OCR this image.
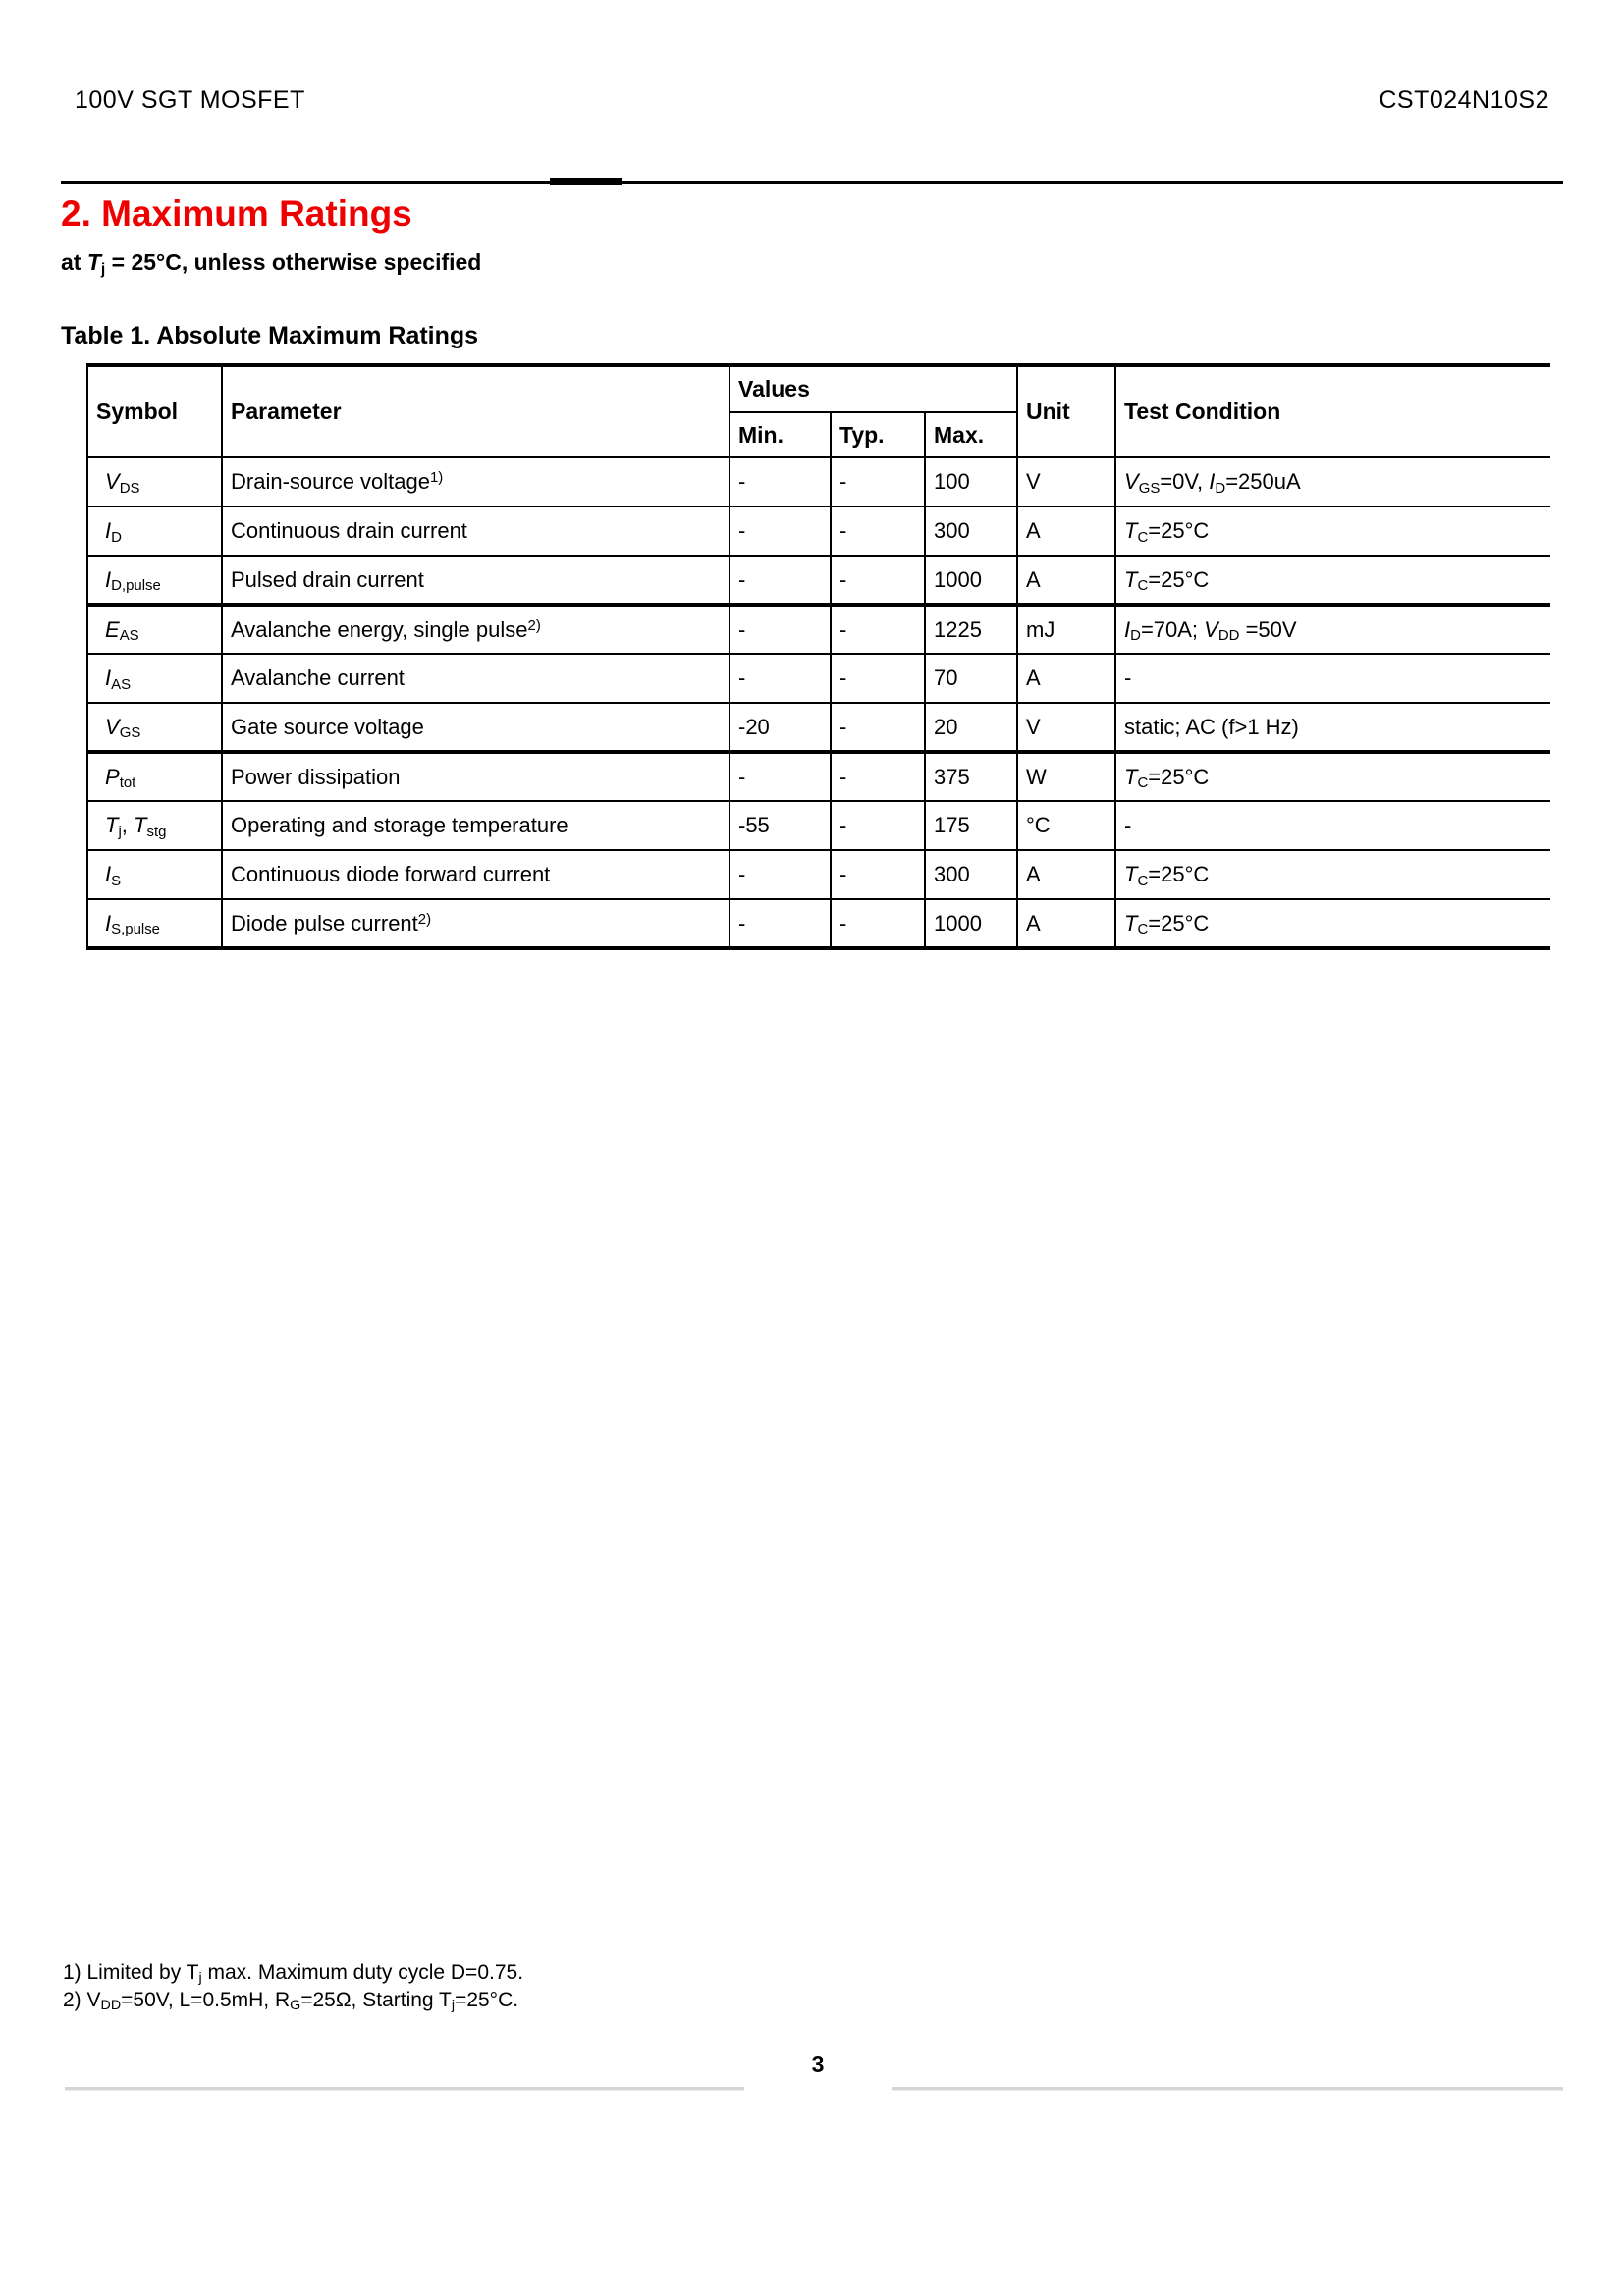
100V SGT MOSFET	CST024N10S2
2. Maximum Ratings
at Tj = 25°C, unless otherwise specified
Table 1. Absolute Maximum Ratings
Symbol	Parameter	Values			Unit	Test Condition
		Min.	Typ.	Max.		
VDS	Drain-source voltage$^{1)}$	-	-	100	V	VGS=0V, ID=250uA
ID	Continuous drain current	-	-	300	A	TC=25°C
ID,pulse	Pulsed drain current	-	-	1000	A	TC=25°C
EAS	Avalanche energy, single pulse$^{2)}$	-	-	1225	mJ	ID=70A; VDD =50V
IAS	Avalanche current	-	-	70	A	-
VGS	Gate source voltage	-20	-	20	V	static; AC (f>1 Hz)
Ptot	Power dissipation	-	-	375	W	TC=25°C
Tj, Tstg	Operating and storage temperature	-55	-	175	°C	-
IS	Continuous diode forward current	-	-	300	A	TC=25°C
IS,pulse	Diode pulse current$^{2)}$	-	-	1000	A	TC=25°C
1) Limited by Tj max. Maximum duty cycle D=0.75.
2) VDD=50V, L=0.5mH, RG=25Ω, Starting Tj=25°C.
3
